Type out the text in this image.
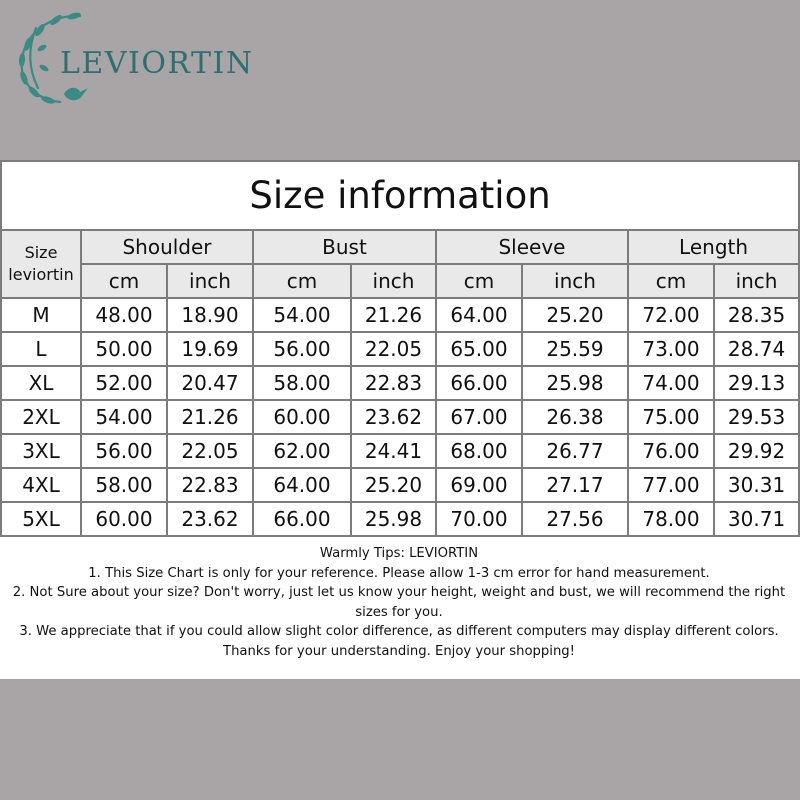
LEVIORTIN
Size information								

Size
leviortin	Shoulder		Bust		Sleeve		Length	
	cm	inch	cm	inch	cm	inch	cm	inch
M	48.00	18.90	54.00	21.26	64.00	25.20	72.00	28.35
L	50.00	19.69	56.00	22.05	65.00	25.59	73.00	28.74
XL	52.00	20.47	58.00	22.83	66.00	25.98	74.00	29.13
2XL	54.00	21.26	60.00	23.62	67.00	26.38	75.00	29.53
3XL	56.00	22.05	62.00	24.41	68.00	26.77	76.00	29.92
4XL	58.00	22.83	64.00	25.20	69.00	27.17	77.00	30.31
5XL	60.00	23.62	66.00	25.98	70.00	27.56	78.00	30.71
Warmly Tips: LEVIORTIN
1. This Size Chart is only for your reference. Please allow 1-3 cm error for hand measurement.
2. Not Sure about your size? Don't worry, just let us know your height, weight and bust, we will recommend the right sizes for you.
3. We appreciate that if you could allow slight color difference, as different computers may display different colors.
Thanks for your understanding. Enjoy your shopping!
